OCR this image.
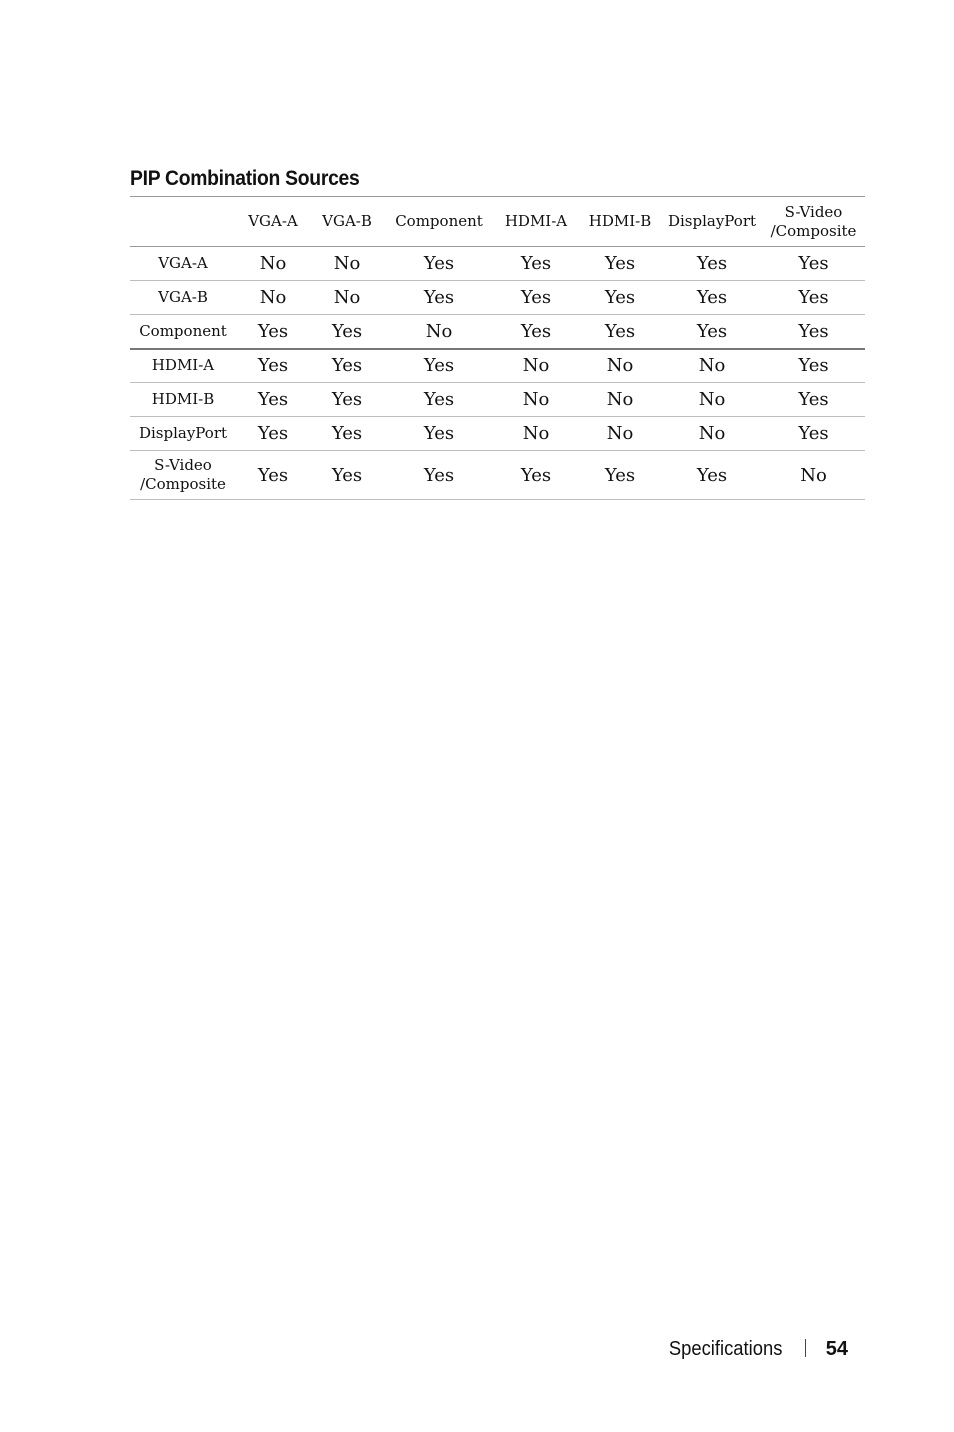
PIP Combination Sources
	VGA-A	VGA-B	Component	HDMI-A	HDMI-B	DisplayPort	S-Video
/Composite
VGA-A	No	No	Yes	Yes	Yes	Yes	Yes
VGA-B	No	No	Yes	Yes	Yes	Yes	Yes
Component	Yes	Yes	No	Yes	Yes	Yes	Yes
HDMI-A	Yes	Yes	Yes	No	No	No	Yes
HDMI-B	Yes	Yes	Yes	No	No	No	Yes
DisplayPort	Yes	Yes	Yes	No	No	No	Yes
S-Video
/Composite	Yes	Yes	Yes	Yes	Yes	Yes	No
Specifications 54
